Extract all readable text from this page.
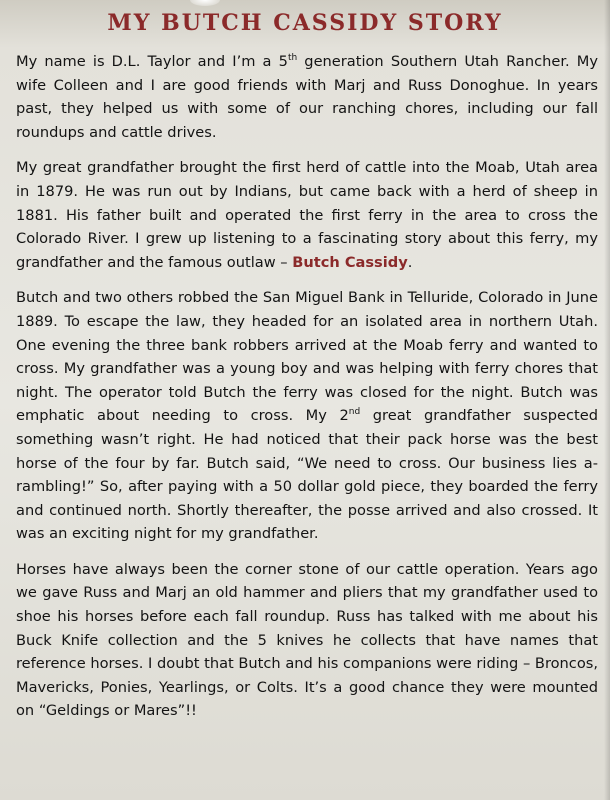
MY BUTCH CASSIDY STORY

My name is D.L. Taylor and I’m a 5th generation Southern Utah Rancher. My wife Colleen and I are good friends with Marj and Russ Donoghue. In years past, they helped us with some of our ranching chores, including our fall roundups and cattle drives.

My great grandfather brought the first herd of cattle into the Moab, Utah area in 1879. He was run out by Indians, but came back with a herd of sheep in 1881. His father built and operated the first ferry in the area to cross the Colorado River. I grew up listening to a fascinating story about this ferry, my grandfather and the famous outlaw – Butch Cassidy.

Butch and two others robbed the San Miguel Bank in Telluride, Colorado in June 1889. To escape the law, they headed for an isolated area in northern Utah. One evening the three bank robbers arrived at the Moab ferry and wanted to cross. My grandfather was a young boy and was helping with ferry chores that night. The operator told Butch the ferry was closed for the night. Butch was emphatic about needing to cross. My 2nd great grandfather suspected something wasn’t right. He had noticed that their pack horse was the best horse of the four by far. Butch said, “We need to cross. Our business lies a-rambling!” So, after paying with a 50 dollar gold piece, they boarded the ferry and continued north. Shortly thereafter, the posse arrived and also crossed. It was an exciting night for my grandfather.

Horses have always been the corner stone of our cattle operation. Years ago we gave Russ and Marj an old hammer and pliers that my grandfather used to shoe his horses before each fall roundup. Russ has talked with me about his Buck Knife collection and the 5 knives he collects that have names that reference horses. I doubt that Butch and his companions were riding – Broncos, Mavericks, Ponies, Yearlings, or Colts. It’s a good chance they were mounted on “Geldings or Mares”!!
